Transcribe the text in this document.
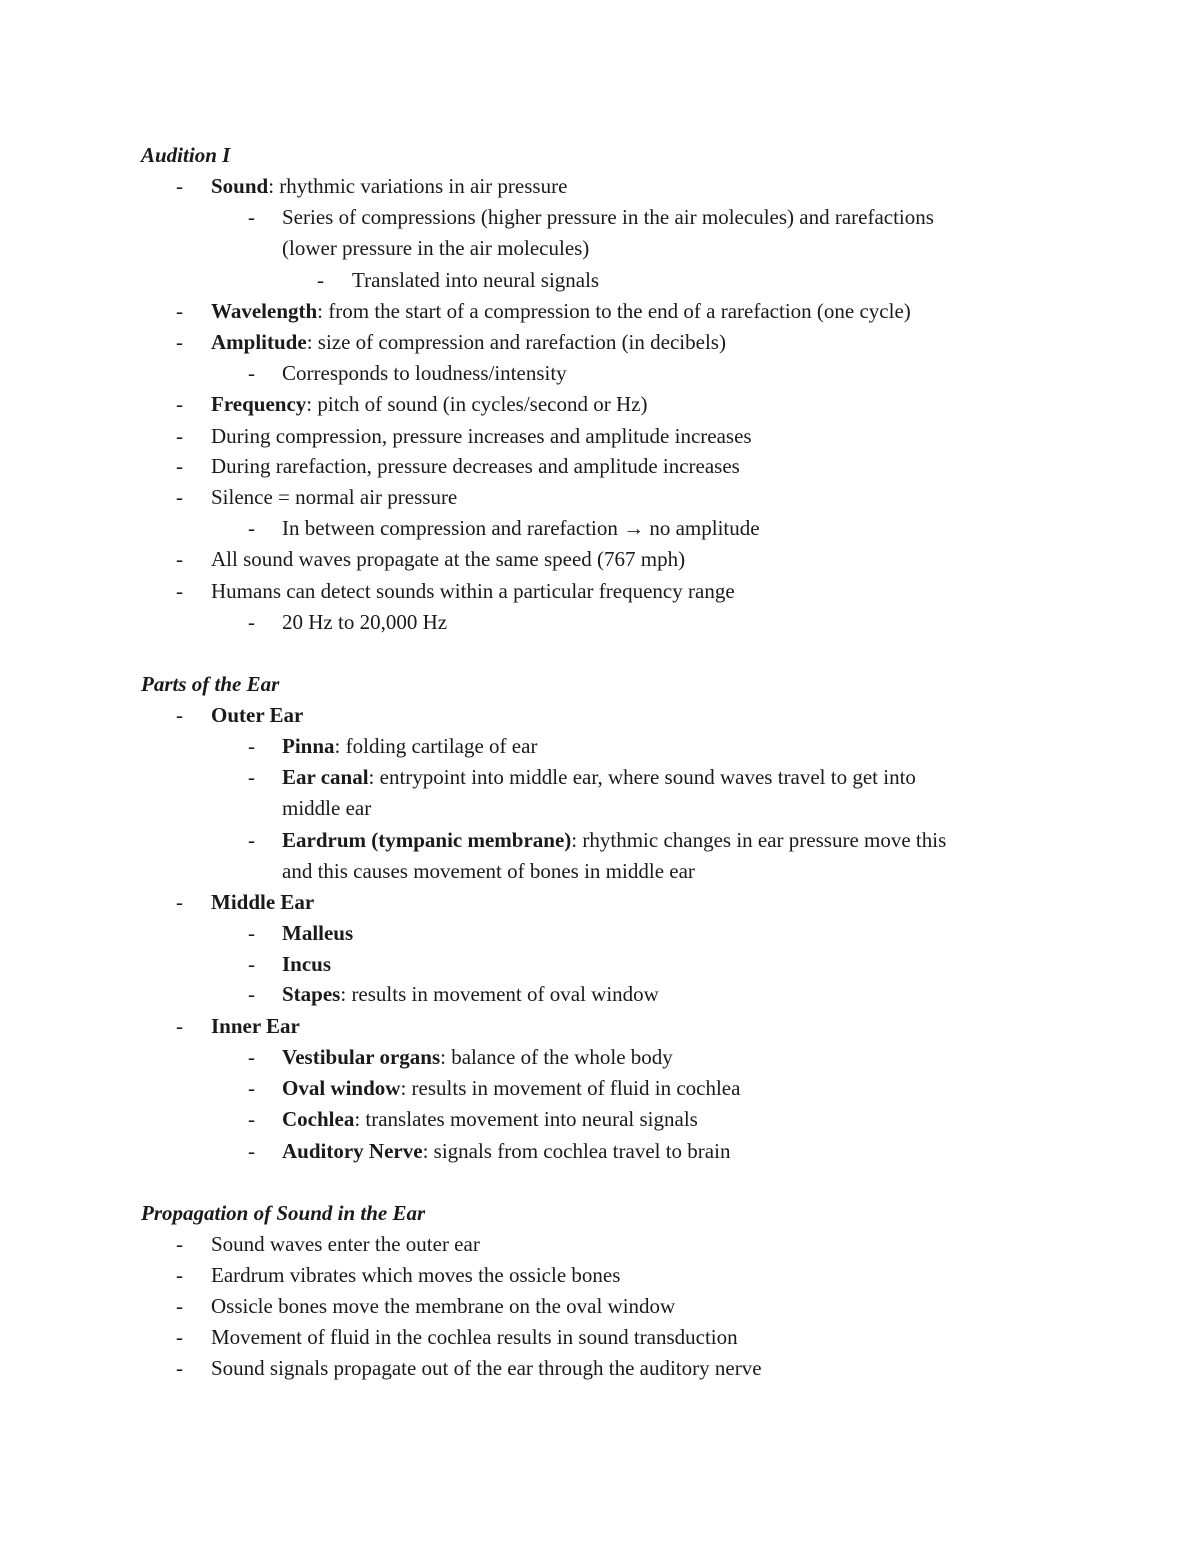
Audition I
- Sound: rhythmic variations in air pressure
- Series of compressions (higher pressure in the air molecules) and rarefactions
(lower pressure in the air molecules)
- Translated into neural signals
- Wavelength: from the start of a compression to the end of a rarefaction (one cycle)
- Amplitude: size of compression and rarefaction (in decibels)
- Corresponds to loudness/intensity
- Frequency: pitch of sound (in cycles/second or Hz)
- During compression, pressure increases and amplitude increases
- During rarefaction, pressure decreases and amplitude increases
- Silence = normal air pressure
- In between compression and rarefaction → no amplitude
- All sound waves propagate at the same speed (767 mph)
- Humans can detect sounds within a particular frequency range
- 20 Hz to 20,000 Hz
Parts of the Ear
- Outer Ear
- Pinna: folding cartilage of ear
- Ear canal: entrypoint into middle ear, where sound waves travel to get into
middle ear
- Eardrum (tympanic membrane): rhythmic changes in ear pressure move this
and this causes movement of bones in middle ear
- Middle Ear
- Malleus
- Incus
- Stapes: results in movement of oval window
- Inner Ear
- Vestibular organs: balance of the whole body
- Oval window: results in movement of fluid in cochlea
- Cochlea: translates movement into neural signals
- Auditory Nerve: signals from cochlea travel to brain
Propagation of Sound in the Ear
- Sound waves enter the outer ear
- Eardrum vibrates which moves the ossicle bones
- Ossicle bones move the membrane on the oval window
- Movement of fluid in the cochlea results in sound transduction
- Sound signals propagate out of the ear through the auditory nerve
